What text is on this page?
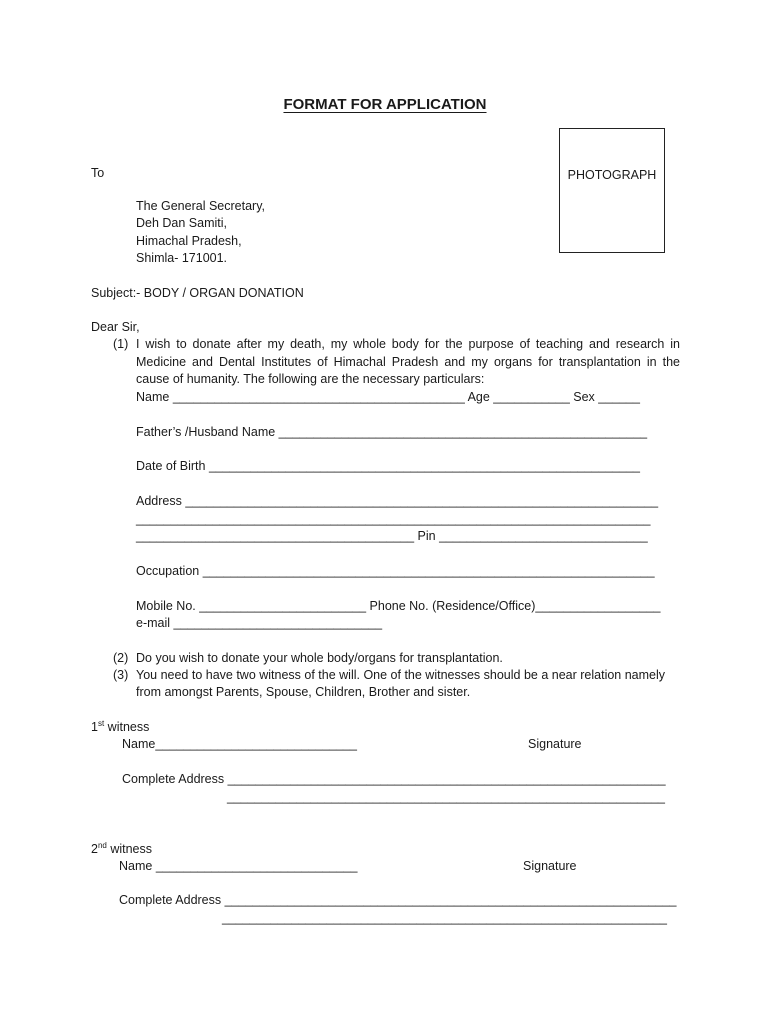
FORMAT FOR APPLICATION
PHOTOGRAPH
To
The General Secretary,
Deh Dan Samiti,
Himachal Pradesh,
Shimla- 171001.
Subject:- BODY / ORGAN DONATION
Dear Sir,
(1) I wish to donate after my death, my whole body for the purpose of teaching and research in
Medicine and Dental Institutes of Himachal Pradesh and my organs for transplantation in the
cause of humanity. The following are the necessary particulars:
Name __________________________________________ Age ___________ Sex ______
Father’s /Husband Name _____________________________________________________
Date of Birth ______________________________________________________________
Address ____________________________________________________________________
__________________________________________________________________________
________________________________________ Pin ______________________________
Occupation _________________________________________________________________
Mobile No. ________________________ Phone No. (Residence/Office)__________________
e-mail ______________________________
(2) Do you wish to donate your whole body/organs for transplantation.
(3) You need to have two witness of the will. One of the witnesses should be a near relation namely
from amongst Parents, Spouse, Children, Brother and sister.
1st witness
Name_____________________________	Signature
Complete Address _______________________________________________________________
_______________________________________________________________
2nd witness
Name _____________________________	Signature
Complete Address _________________________________________________________________
________________________________________________________________
